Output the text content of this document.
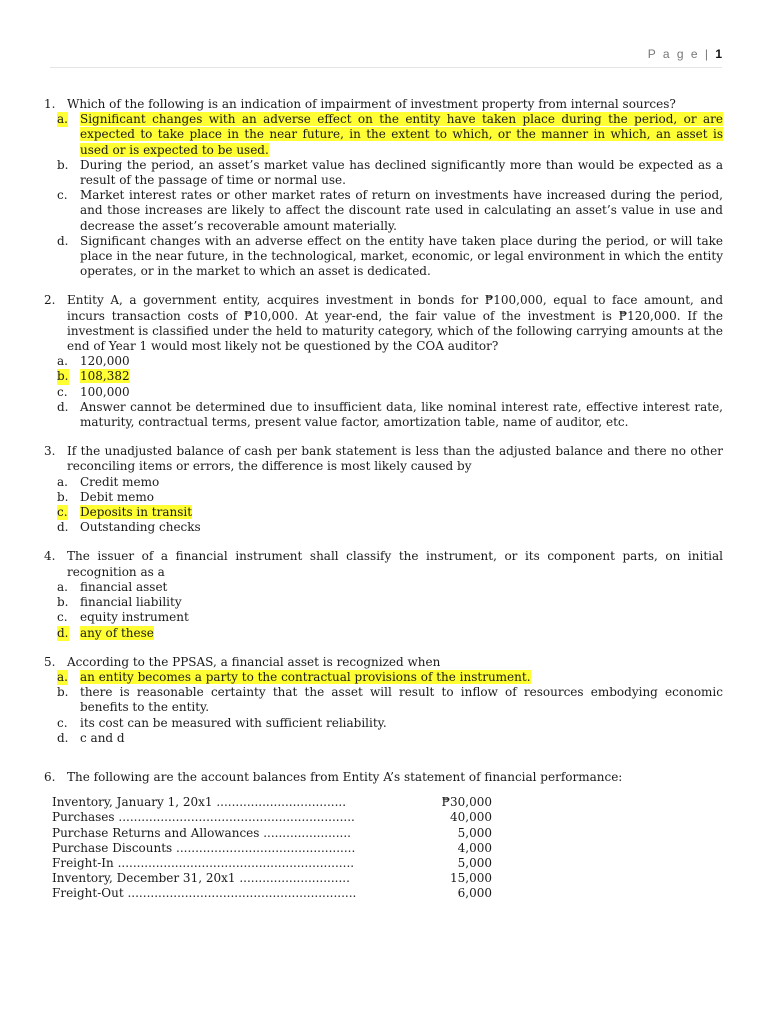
P a g e | 1
1. Which of the following is an indication of impairment of investment property from internal sources?
a. Significant changes with an adverse effect on the entity have taken place during the period, or are expected to take place in the near future, in the extent to which, or the manner in which, an asset is used or is expected to be used.
b. During the period, an asset’s market value has declined significantly more than would be expected as a result of the passage of time or normal use.
c. Market interest rates or other market rates of return on investments have increased during the period, and those increases are likely to affect the discount rate used in calculating an asset’s value in use and decrease the asset’s recoverable amount materially.
d. Significant changes with an adverse effect on the entity have taken place during the period, or will take place in the near future, in the technological, market, economic, or legal environment in which the entity operates, or in the market to which an asset is dedicated.
2. Entity A, a government entity, acquires investment in bonds for ₱100,000, equal to face amount, and incurs transaction costs of ₱10,000. At year-end, the fair value of the investment is ₱120,000. If the investment is classified under the held to maturity category, which of the following carrying amounts at the end of Year 1 would most likely not be questioned by the COA auditor?
a. 120,000
b. 108,382
c. 100,000
d. Answer cannot be determined due to insufficient data, like nominal interest rate, effective interest rate, maturity, contractual terms, present value factor, amortization table, name of auditor, etc.
3. If the unadjusted balance of cash per bank statement is less than the adjusted balance and there no other reconciling items or errors, the difference is most likely caused by
a. Credit memo
b. Debit memo
c. Deposits in transit
d. Outstanding checks
4. The issuer of a financial instrument shall classify the instrument, or its component parts, on initial recognition as a
a. financial asset
b. financial liability
c. equity instrument
d. any of these
5. According to the PPSAS, a financial asset is recognized when
a. an entity becomes a party to the contractual provisions of the instrument.
b. there is reasonable certainty that the asset will result to inflow of resources embodying economic benefits to the entity.
c. its cost can be measured with sufficient reliability.
d. c and d
6. The following are the account balances from Entity A’s statement of financial performance:
Inventory, January 1, 20x1 ..................................	₱30,000
Purchases ..............................................................	40,000
Purchase Returns and Allowances .......................	5,000
Purchase Discounts ...............................................	4,000
Freight-In ..............................................................	5,000
Inventory, December 31, 20x1 .............................	15,000
Freight-Out ............................................................	6,000
